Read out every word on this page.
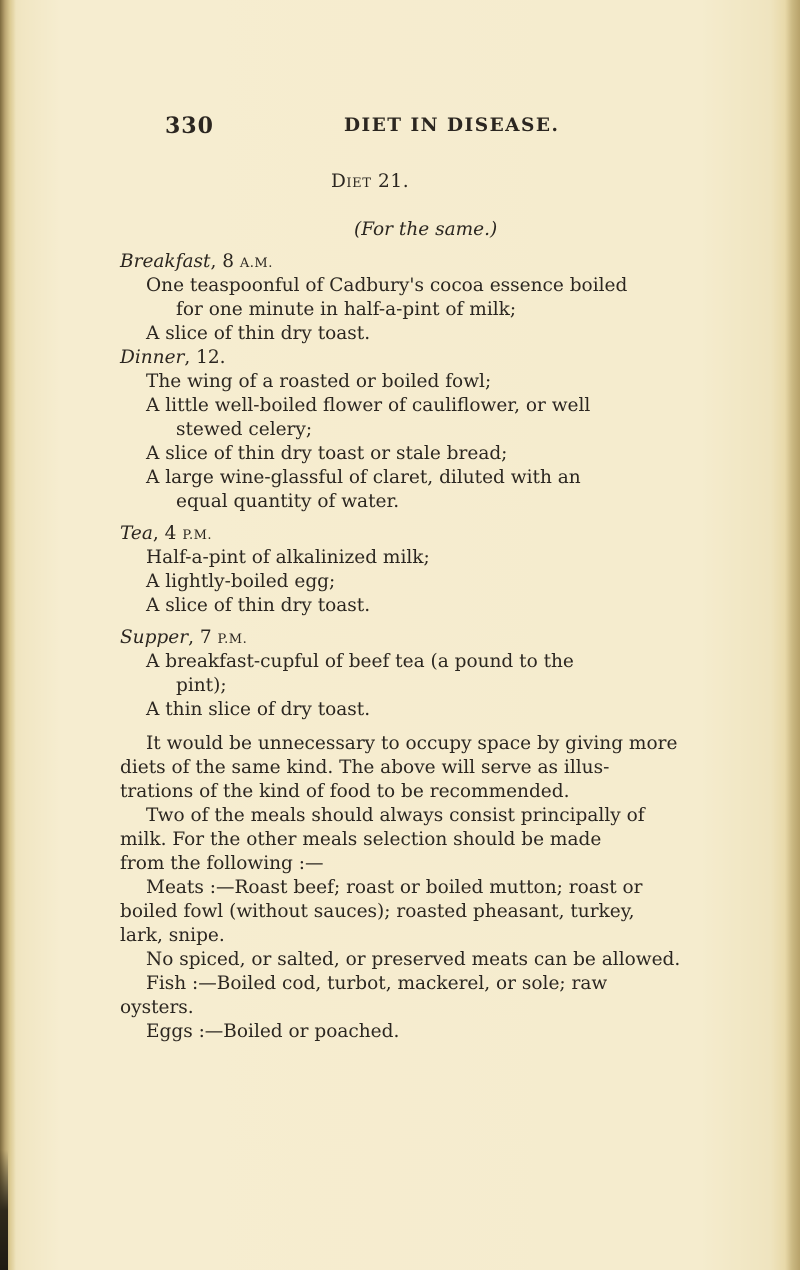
330	DIET IN DISEASE.
Diet 21.
(For the same.)
Breakfast, 8 A.M.
One teaspoonful of Cadbury's cocoa essence boiled
for one minute in half-a-pint of milk;
A slice of thin dry toast.
Dinner, 12.
The wing of a roasted or boiled fowl;
A little well-boiled flower of cauliflower, or well
stewed celery;
A slice of thin dry toast or stale bread;
A large wine-glassful of claret, diluted with an
equal quantity of water.
Tea, 4 P.M.
Half-a-pint of alkalinized milk;
A lightly-boiled egg;
A slice of thin dry toast.
Supper, 7 P.M.
A breakfast-cupful of beef tea (a pound to the
pint);
A thin slice of dry toast.
It would be unnecessary to occupy space by giving more
diets of the same kind. The above will serve as illus-
trations of the kind of food to be recommended.
Two of the meals should always consist principally of
milk. For the other meals selection should be made
from the following :—
Meats :—Roast beef; roast or boiled mutton; roast or
boiled fowl (without sauces); roasted pheasant, turkey,
lark, snipe.
No spiced, or salted, or preserved meats can be allowed.
Fish :—Boiled cod, turbot, mackerel, or sole; raw
oysters.
Eggs :—Boiled or poached.
